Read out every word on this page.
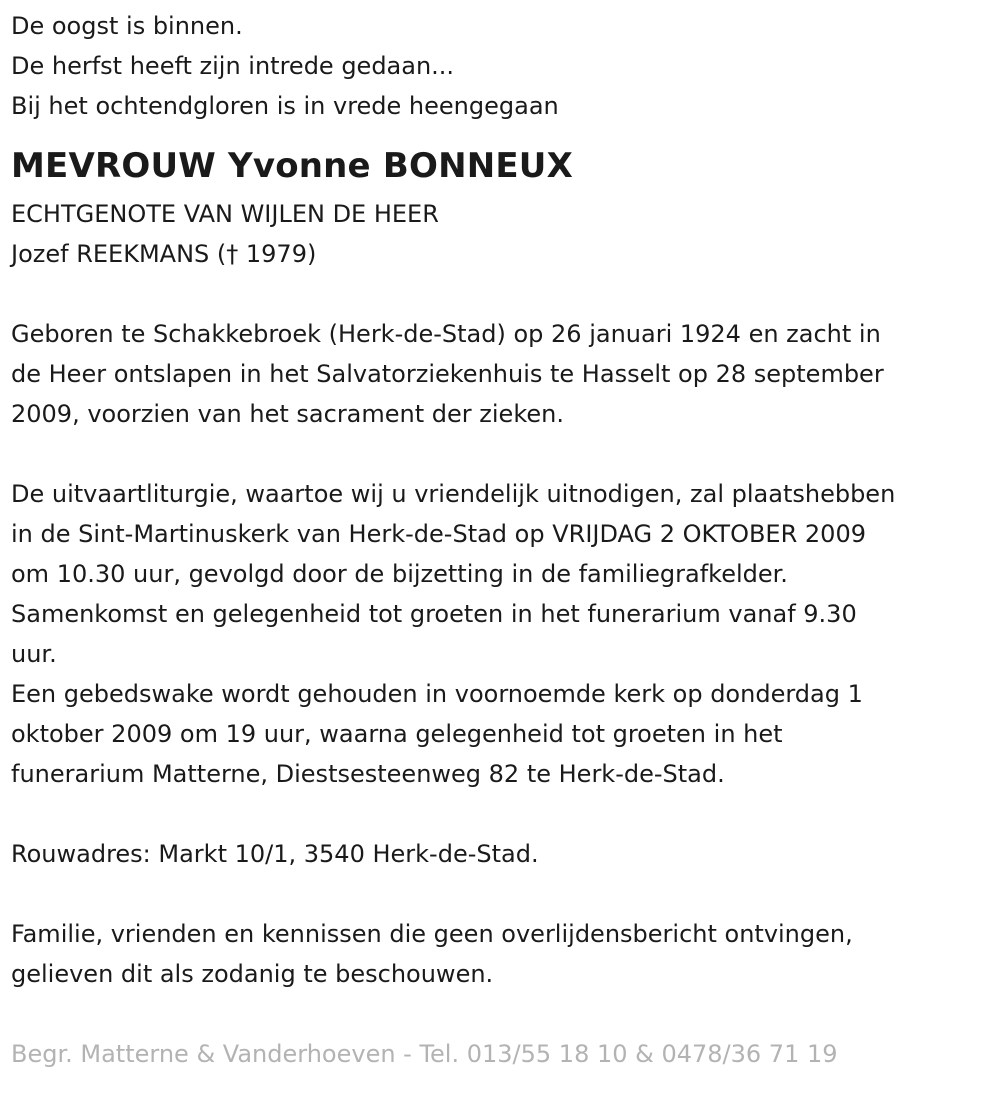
De oogst is binnen.

De herfst heeft zijn intrede gedaan...

Bij het ochtendgloren is in vrede heengegaan

MEVROUW Yvonne BONNEUX

ECHTGENOTE VAN WIJLEN DE HEER

Jozef REEKMANS († 1979)

Geboren te Schakkebroek (Herk-de-Stad) op 26 januari 1924 en zacht in

de Heer ontslapen in het Salvatorziekenhuis te Hasselt op 28 september

2009, voorzien van het sacrament der zieken.

De uitvaartliturgie, waartoe wij u vriendelijk uitnodigen, zal plaatshebben

in de Sint-Martinuskerk van Herk-de-Stad op VRIJDAG 2 OKTOBER 2009

om 10.30 uur, gevolgd door de bijzetting in de familiegrafkelder.

Samenkomst en gelegenheid tot groeten in het funerarium vanaf 9.30

uur.

Een gebedswake wordt gehouden in voornoemde kerk op donderdag 1

oktober 2009 om 19 uur, waarna gelegenheid tot groeten in het

funerarium Matterne, Diestsesteenweg 82 te Herk-de-Stad.

Rouwadres: Markt 10/1, 3540 Herk-de-Stad.

Familie, vrienden en kennissen die geen overlijdensbericht ontvingen,

gelieven dit als zodanig te beschouwen.

Begr. Matterne & Vanderhoeven - Tel. 013/55 18 10 & 0478/36 71 19
